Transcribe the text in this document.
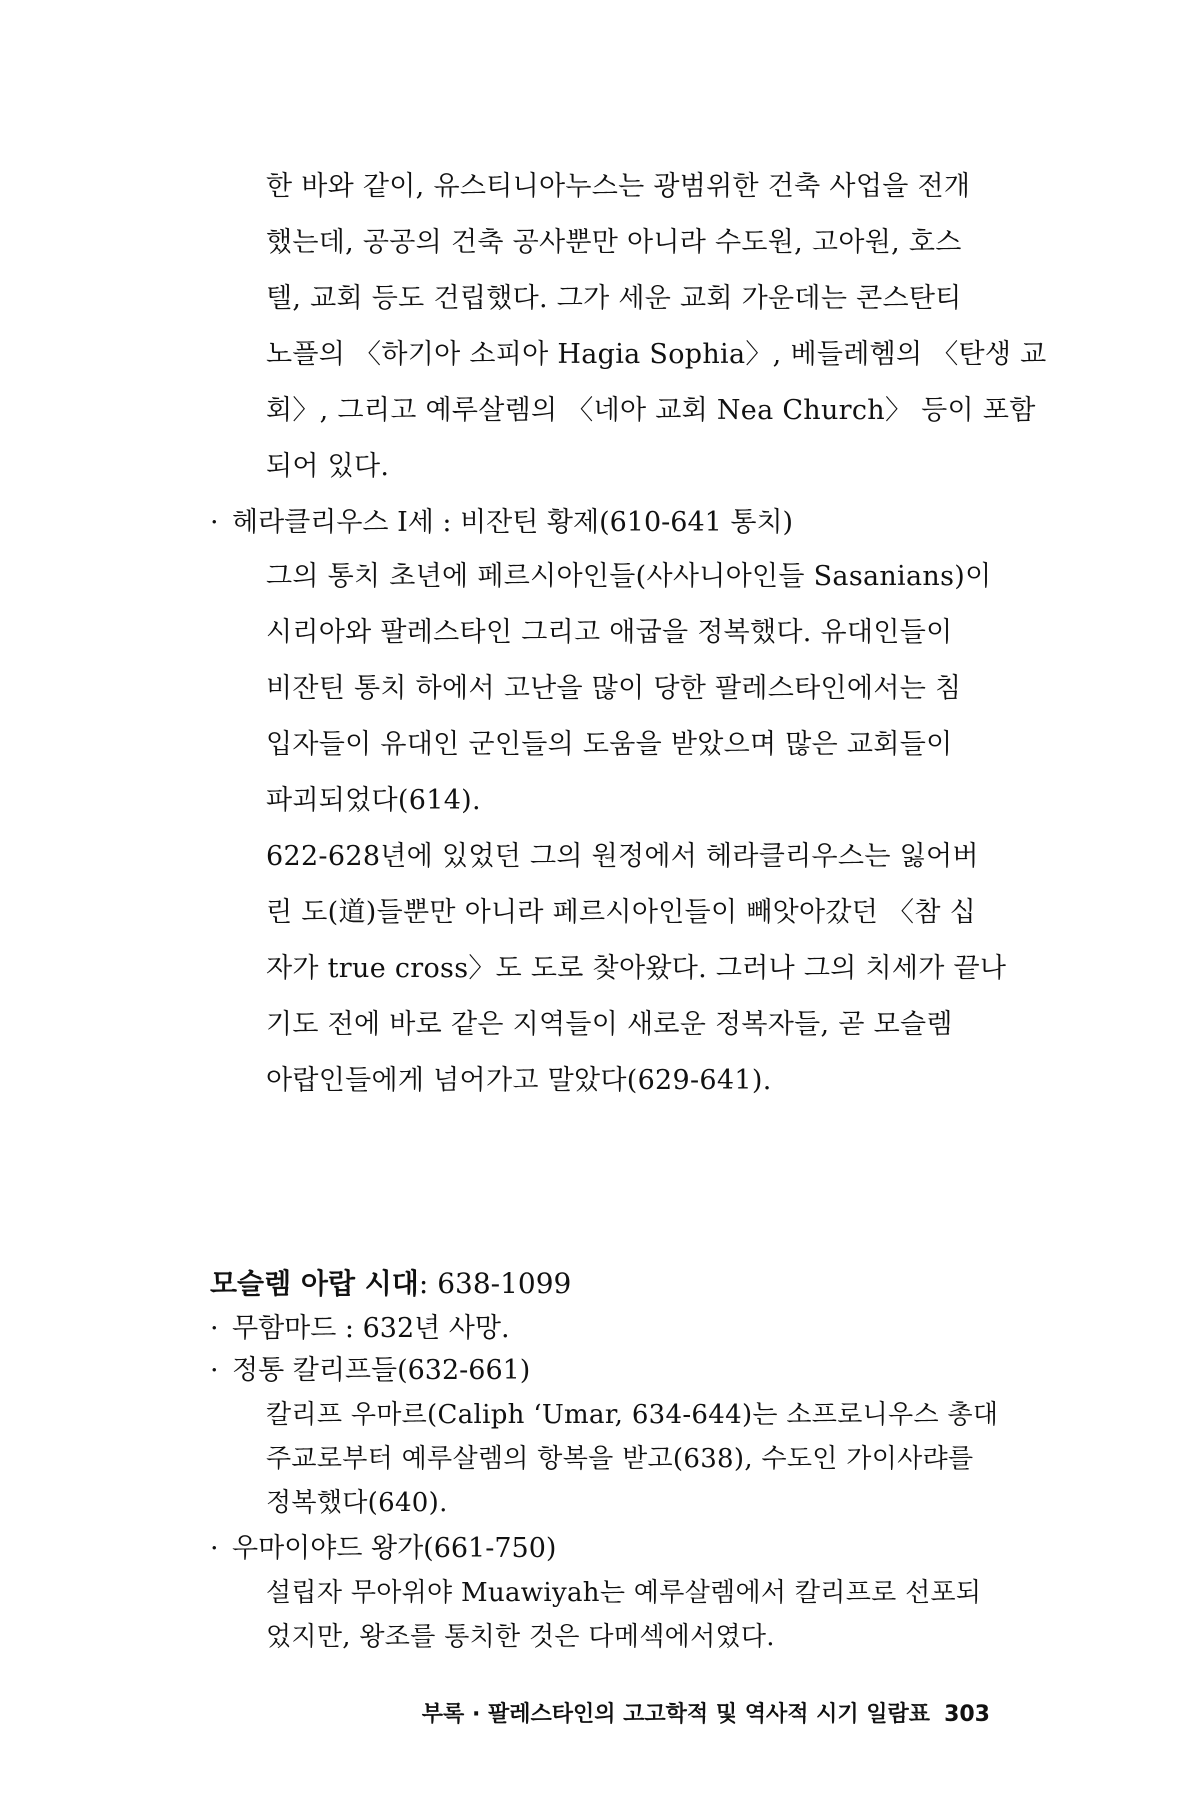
한 바와 같이, 유스티니아누스는 광범위한 건축 사업을 전개
했는데, 공공의 건축 공사뿐만 아니라 수도원, 고아원, 호스
텔, 교회 등도 건립했다. 그가 세운 교회 가운데는 콘스탄티
노플의 〈하기아 소피아 Hagia Sophia〉, 베들레헴의 〈탄생 교
회〉, 그리고 예루살렘의 〈네아 교회 Nea Church〉 등이 포함
되어 있다.
· 헤라클리우스 Ⅰ세 : 비잔틴 황제(610-641 통치)
그의 통치 초년에 페르시아인들(사사니아인들 Sasanians)이
시리아와 팔레스타인 그리고 애굽을 정복했다. 유대인들이
비잔틴 통치 하에서 고난을 많이 당한 팔레스타인에서는 침
입자들이 유대인 군인들의 도움을 받았으며 많은 교회들이
파괴되었다(614).
622-628년에 있었던 그의 원정에서 헤라클리우스는 잃어버
린 도(道)들뿐만 아니라 페르시아인들이 빼앗아갔던 〈참 십
자가 true cross〉도 도로 찾아왔다. 그러나 그의 치세가 끝나
기도 전에 바로 같은 지역들이 새로운 정복자들, 곧 모슬렘
아랍인들에게 넘어가고 말았다(629-641).
모슬렘 아랍 시대: 638-1099
· 무함마드 : 632년 사망.
· 정통 칼리프들(632-661)
칼리프 우마르(Caliph ‘Umar, 634-644)는 소프로니우스 총대
주교로부터 예루살렘의 항복을 받고(638), 수도인 가이사랴를
정복했다(640).
· 우마이야드 왕가(661-750)
설립자 무아위야 Muawiyah는 예루살렘에서 칼리프로 선포되
었지만, 왕조를 통치한 것은 다메섹에서였다.
부록 · 팔레스타인의 고고학적 및 역사적 시기 일람표 303
